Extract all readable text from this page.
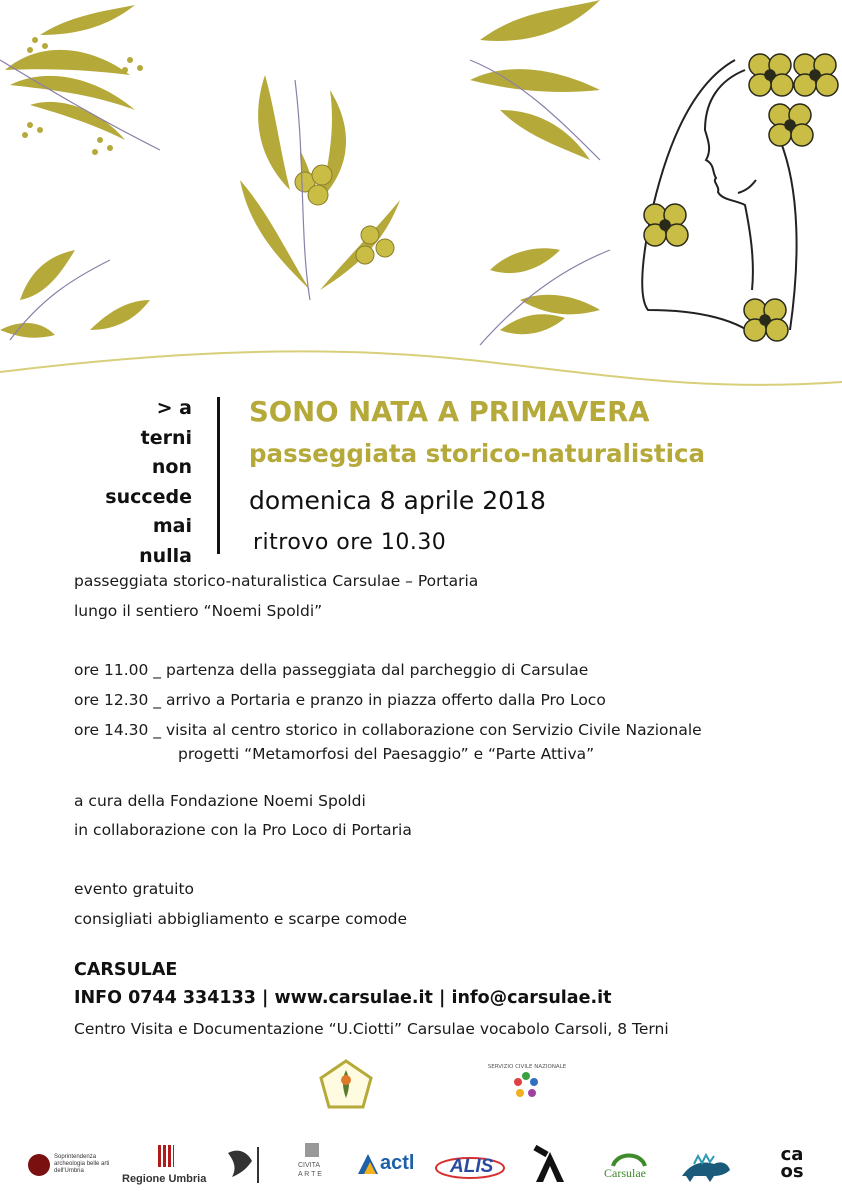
> a
terni
non
succede
mai
nulla
SONO NATA A PRIMAVERA
passeggiata storico-naturalistica
domenica 8 aprile 2018
ritrovo ore 10.30
passeggiata storico-naturalistica Carsulae – Portaria
lungo il sentiero “Noemi Spoldi”
ore 11.00 _ partenza della passeggiata dal parcheggio di Carsulae
ore 12.30 _ arrivo a Portaria e pranzo in piazza offerto dalla Pro Loco
ore 14.30 _ visita al centro storico in collaborazione con Servizio Civile Nazionale
progetti “Metamorfosi del Paesaggio” e “Parte Attiva”
a cura della Fondazione Noemi Spoldi
in collaborazione con la Pro Loco di Portaria
evento gratuito
consigliati abbigliamento e scarpe comode
CARSULAE
INFO 0744 334133 | www.carsulae.it | info@carsulae.it
Centro Visita e Documentazione “U.Ciotti” Carsulae vocabolo Carsoli, 8 Terni
SERVIZIO CIVILE NAZIONALE
Soprintendenza
archeologia belle arti
dell'Umbria
Regione Umbria
CIVITA
A R T E
actl ALIS	Carsulae
ca
os
